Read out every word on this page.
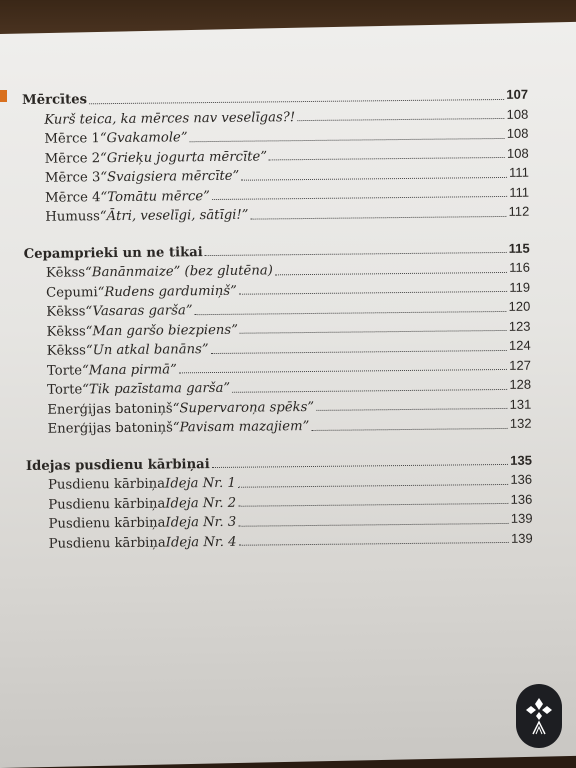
Mērcītes	107
Kurš teica, ka mērces nav veselīgas?!	108
Mērce 1 “Gvakamole”	108
Mērce 2 “Grieķu jogurta mērcīte”	108
Mērce 3 “Svaigsiera mērcīte”	111
Mērce 4 “Tomātu mērce”	111
Humuss “Ātri, veselīgi, sātīgi!”	112
Cepamprieki un ne tikai	115
Kēkss “Banānmaize” (bez glutēna)	116
Cepumi “Rudens gardumiņš”	119
Kēkss “Vasaras garša”	120
Kēkss “Man garšo biezpiens”	123
Kēkss “Un atkal banāns”	124
Torte “Mana pirmā”	127
Torte “Tik pazīstama garša”	128
Enerģijas batoniņš “Supervaroņa spēks”	131
Enerģijas batoniņš “Pavisam mazajiem”	132
Idejas pusdienu kārbiņai	135
Pusdienu kārbiņa Ideja Nr. 1	136
Pusdienu kārbiņa Ideja Nr. 2	136
Pusdienu kārbiņa Ideja Nr. 3	139
Pusdienu kārbiņa Ideja Nr. 4	139
